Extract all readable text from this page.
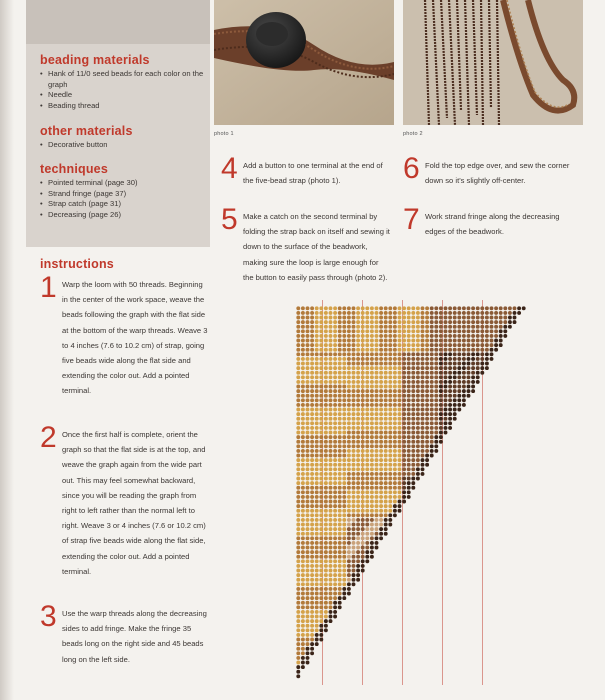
beading materials
• Hank of 11/0 seed beads for each color on the graph
• Needle
• Beading thread
other materials
• Decorative button
techniques
• Pointed terminal (page 30)
• Strand fringe (page 37)
• Strap catch (page 31)
• Decreasing (page 26)
photo 1	photo 2
4 Add a button to one terminal at the end of the five-bead strap (photo 1).
5 Make a catch on the second terminal by folding the strap back on itself and sewing it down to the surface of the beadwork, making sure the loop is large enough for the button to easily pass through (photo 2).
6 Fold the top edge over, and sew the corner down so it's slightly off-center.
7 Work strand fringe along the decreasing edges of the beadwork.
instructions
1 Warp the loom with 50 threads. Beginning in the center of the work space, weave the beads following the graph with the flat side at the bottom of the warp threads. Weave 3 to 4 inches (7.6 to 10.2 cm) of strap, going five beads wide along the flat side and extending the color out. Add a pointed terminal.
2 Once the first half is complete, orient the graph so that the flat side is at the top, and weave the graph again from the wide part out. This may feel somewhat backward, since you will be reading the graph from right to left rather than the normal left to right. Weave 3 or 4 inches (7.6 or 10.2 cm) of strap five beads wide along the flat side, extending the color out. Add a pointed terminal.
3 Use the warp threads along the decreasing sides to add fringe. Make the fringe 35 beads long on the right side and 45 beads long on the left side.
